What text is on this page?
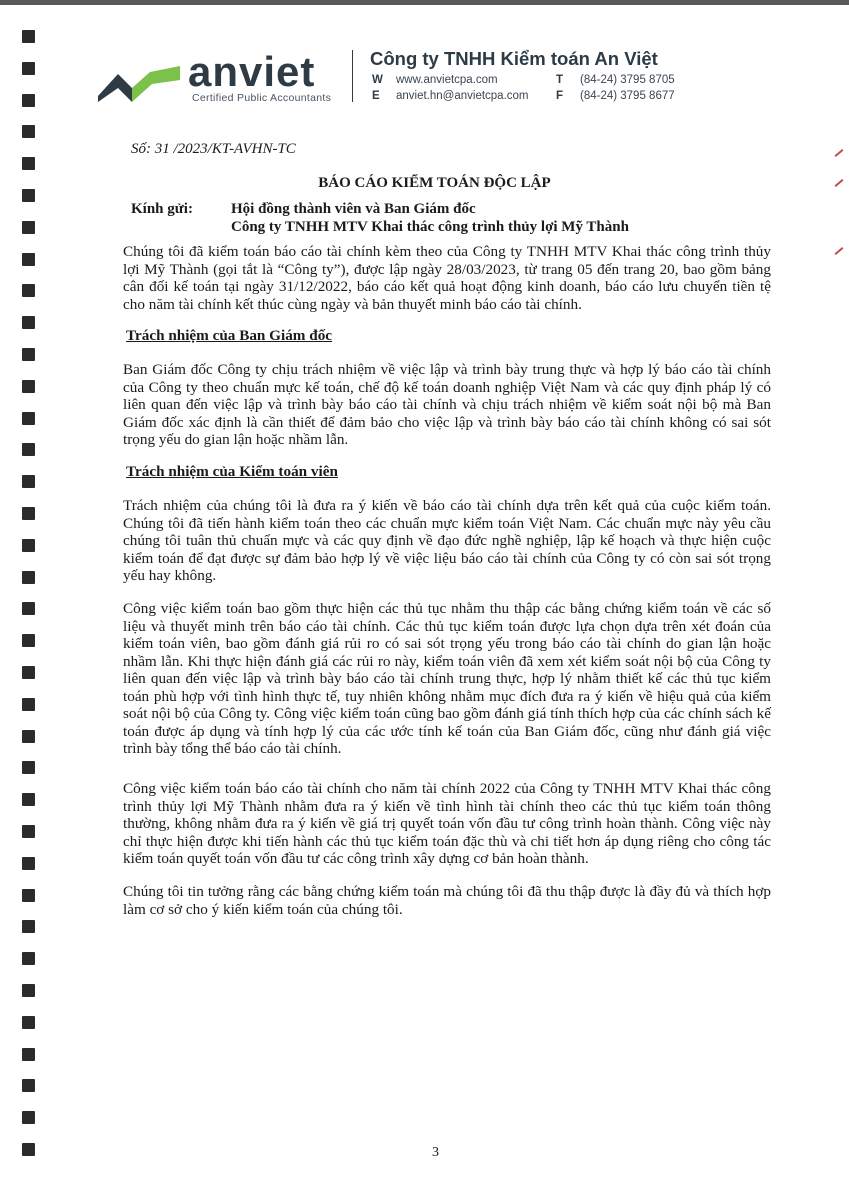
anviet
Certified Public Accountants
Công ty TNHH Kiểm toán An Việt
W www.anvietcpa.com
E anviet.hn@anvietcpa.com
T (84-24) 3795 8705
F (84-24) 3795 8677
Số: 31 /2023/KT-AVHN-TC
BÁO CÁO KIỂM TOÁN ĐỘC LẬP
Kính gửi:	Hội đồng thành viên và Ban Giám đốc
Công ty TNHH MTV Khai thác công trình thủy lợi Mỹ Thành
Chúng tôi đã kiểm toán báo cáo tài chính kèm theo của Công ty TNHH MTV Khai thác công trình thủy lợi Mỹ Thành (gọi tắt là “Công ty”), được lập ngày 28/03/2023, từ trang 05 đến trang 20, bao gồm bảng cân đối kế toán tại ngày 31/12/2022, báo cáo kết quả hoạt động kinh doanh, báo cáo lưu chuyển tiền tệ cho năm tài chính kết thúc cùng ngày và bản thuyết minh báo cáo tài chính.
Trách nhiệm của Ban Giám đốc
Ban Giám đốc Công ty chịu trách nhiệm về việc lập và trình bày trung thực và hợp lý báo cáo tài chính của Công ty theo chuẩn mực kế toán, chế độ kế toán doanh nghiệp Việt Nam và các quy định pháp lý có liên quan đến việc lập và trình bày báo cáo tài chính và chịu trách nhiệm về kiểm soát nội bộ mà Ban Giám đốc xác định là cần thiết để đảm bảo cho việc lập và trình bày báo cáo tài chính không có sai sót trọng yếu do gian lận hoặc nhầm lẫn.
Trách nhiệm của Kiểm toán viên
Trách nhiệm của chúng tôi là đưa ra ý kiến về báo cáo tài chính dựa trên kết quả của cuộc kiểm toán. Chúng tôi đã tiến hành kiểm toán theo các chuẩn mực kiểm toán Việt Nam. Các chuẩn mực này yêu cầu chúng tôi tuân thủ chuẩn mực và các quy định về đạo đức nghề nghiệp, lập kế hoạch và thực hiện cuộc kiểm toán để đạt được sự đảm bảo hợp lý về việc liệu báo cáo tài chính của Công ty có còn sai sót trọng yếu hay không.
Công việc kiểm toán bao gồm thực hiện các thủ tục nhằm thu thập các bằng chứng kiểm toán về các số liệu và thuyết minh trên báo cáo tài chính. Các thủ tục kiểm toán được lựa chọn dựa trên xét đoán của kiểm toán viên, bao gồm đánh giá rủi ro có sai sót trọng yếu trong báo cáo tài chính do gian lận hoặc nhầm lẫn. Khi thực hiện đánh giá các rủi ro này, kiểm toán viên đã xem xét kiểm soát nội bộ của Công ty liên quan đến việc lập và trình bày báo cáo tài chính trung thực, hợp lý nhằm thiết kế các thủ tục kiểm toán phù hợp với tình hình thực tế, tuy nhiên không nhằm mục đích đưa ra ý kiến về hiệu quả của kiểm soát nội bộ của Công ty. Công việc kiểm toán cũng bao gồm đánh giá tính thích hợp của các chính sách kế toán được áp dụng và tính hợp lý của các ước tính kế toán của Ban Giám đốc, cũng như đánh giá việc trình bày tổng thể báo cáo tài chính.
Công việc kiểm toán báo cáo tài chính cho năm tài chính 2022 của Công ty TNHH MTV Khai thác công trình thủy lợi Mỹ Thành nhằm đưa ra ý kiến về tình hình tài chính theo các thủ tục kiểm toán thông thường, không nhằm đưa ra ý kiến về giá trị quyết toán vốn đầu tư công trình hoàn thành. Công việc này chỉ thực hiện được khi tiến hành các thủ tục kiểm toán đặc thù và chi tiết hơn áp dụng riêng cho công tác kiểm toán quyết toán vốn đầu tư các công trình xây dựng cơ bản hoàn thành.
Chúng tôi tin tưởng rằng các bằng chứng kiểm toán mà chúng tôi đã thu thập được là đầy đủ và thích hợp làm cơ sở cho ý kiến kiểm toán của chúng tôi.
3
